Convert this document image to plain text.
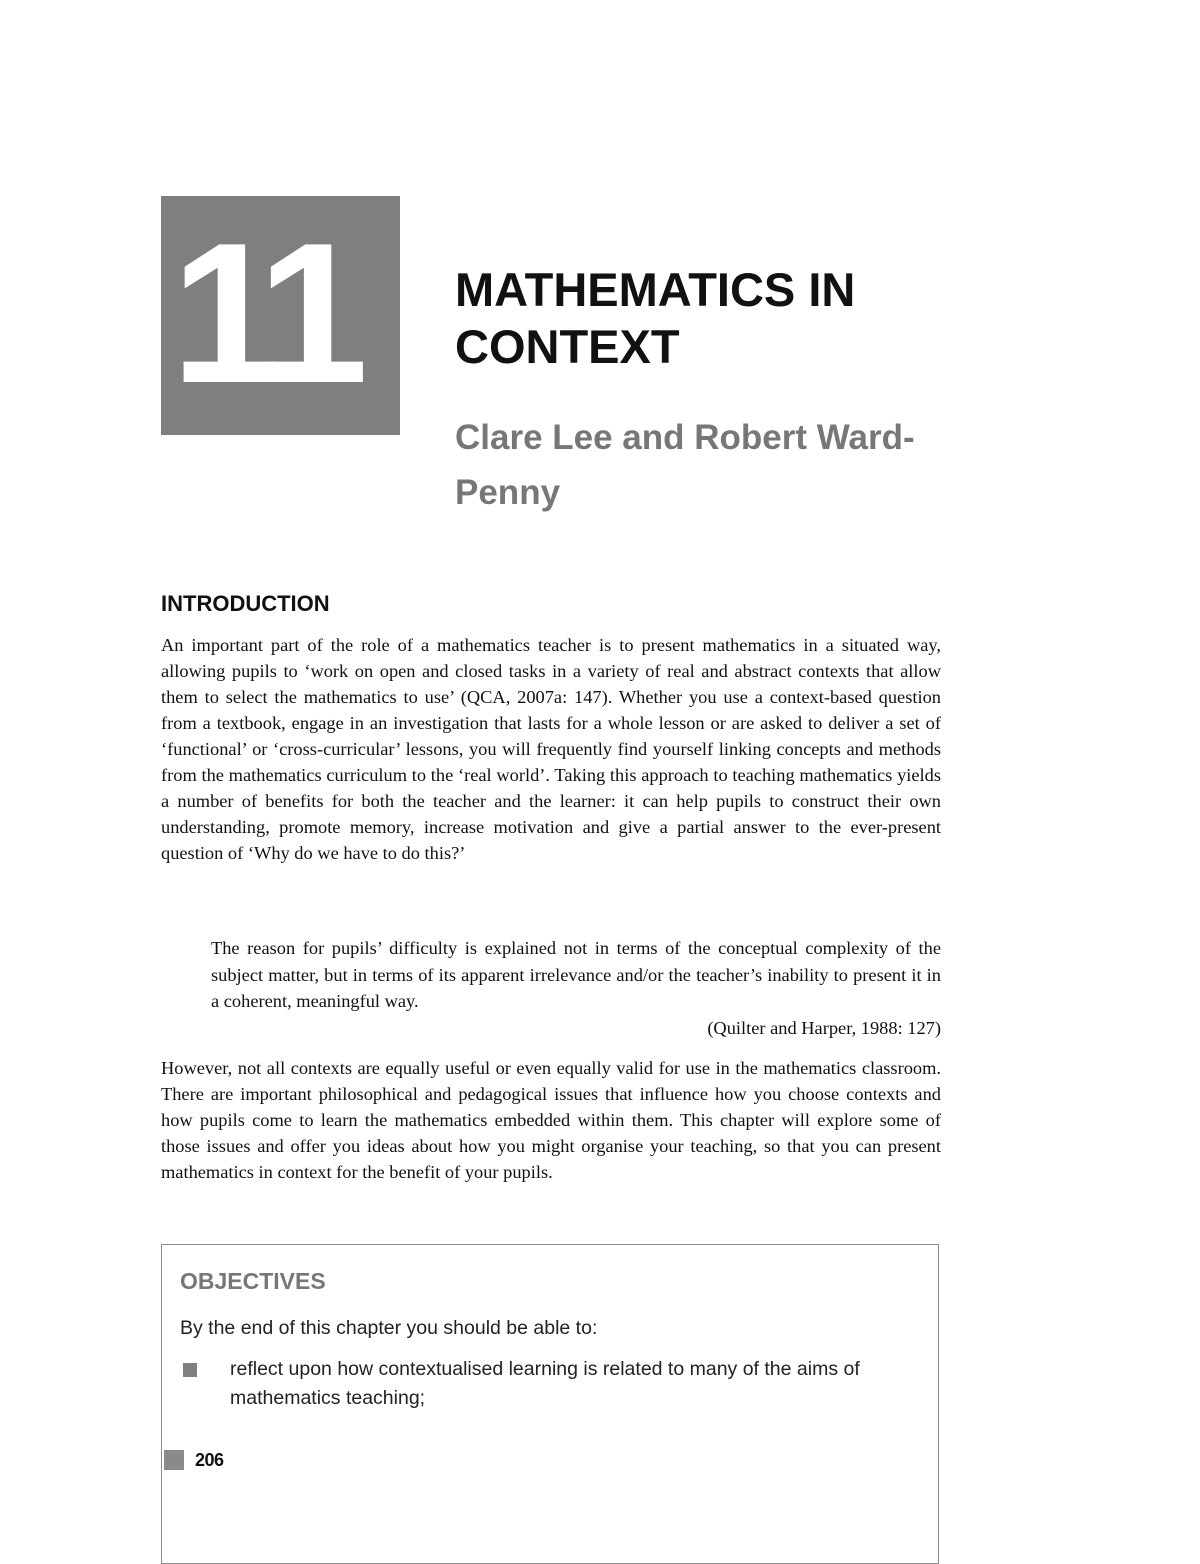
11	MATHEMATICS IN CONTEXT
Clare Lee and Robert Ward-Penny
INTRODUCTION

An important part of the role of a mathematics teacher is to present mathematics in a situated way, allowing pupils to ‘work on open and closed tasks in a variety of real and abstract contexts that allow them to select the mathematics to use’ (QCA, 2007a: 147). Whether you use a context-based question from a textbook, engage in an investigation that lasts for a whole lesson or are asked to deliver a set of ‘functional’ or ‘cross-curricular’ lessons, you will frequently find yourself linking concepts and methods from the mathematics curriculum to the ‘real world’. Taking this approach to teaching mathematics yields a number of benefits for both the teacher and the learner: it can help pupils to construct their own understanding, promote memory, increase motivation and give a partial answer to the ever-present question of ‘Why do we have to do this?’

The reason for pupils’ difficulty is explained not in terms of the conceptual complexity of the subject matter, but in terms of its apparent irrelevance and/or the teacher’s inability to present it in a coherent, meaningful way.
(Quilter and Harper, 1988: 127)

However, not all contexts are equally useful or even equally valid for use in the mathematics classroom. There are important philosophical and pedagogical issues that influence how you choose contexts and how pupils come to learn the mathematics embedded within them. This chapter will explore some of those issues and offer you ideas about how you might organise your teaching, so that you can present mathematics in context for the benefit of your pupils.

OBJECTIVES

By the end of this chapter you should be able to:

reflect upon how contextualised learning is related to many of the aims of mathematics teaching;
206
